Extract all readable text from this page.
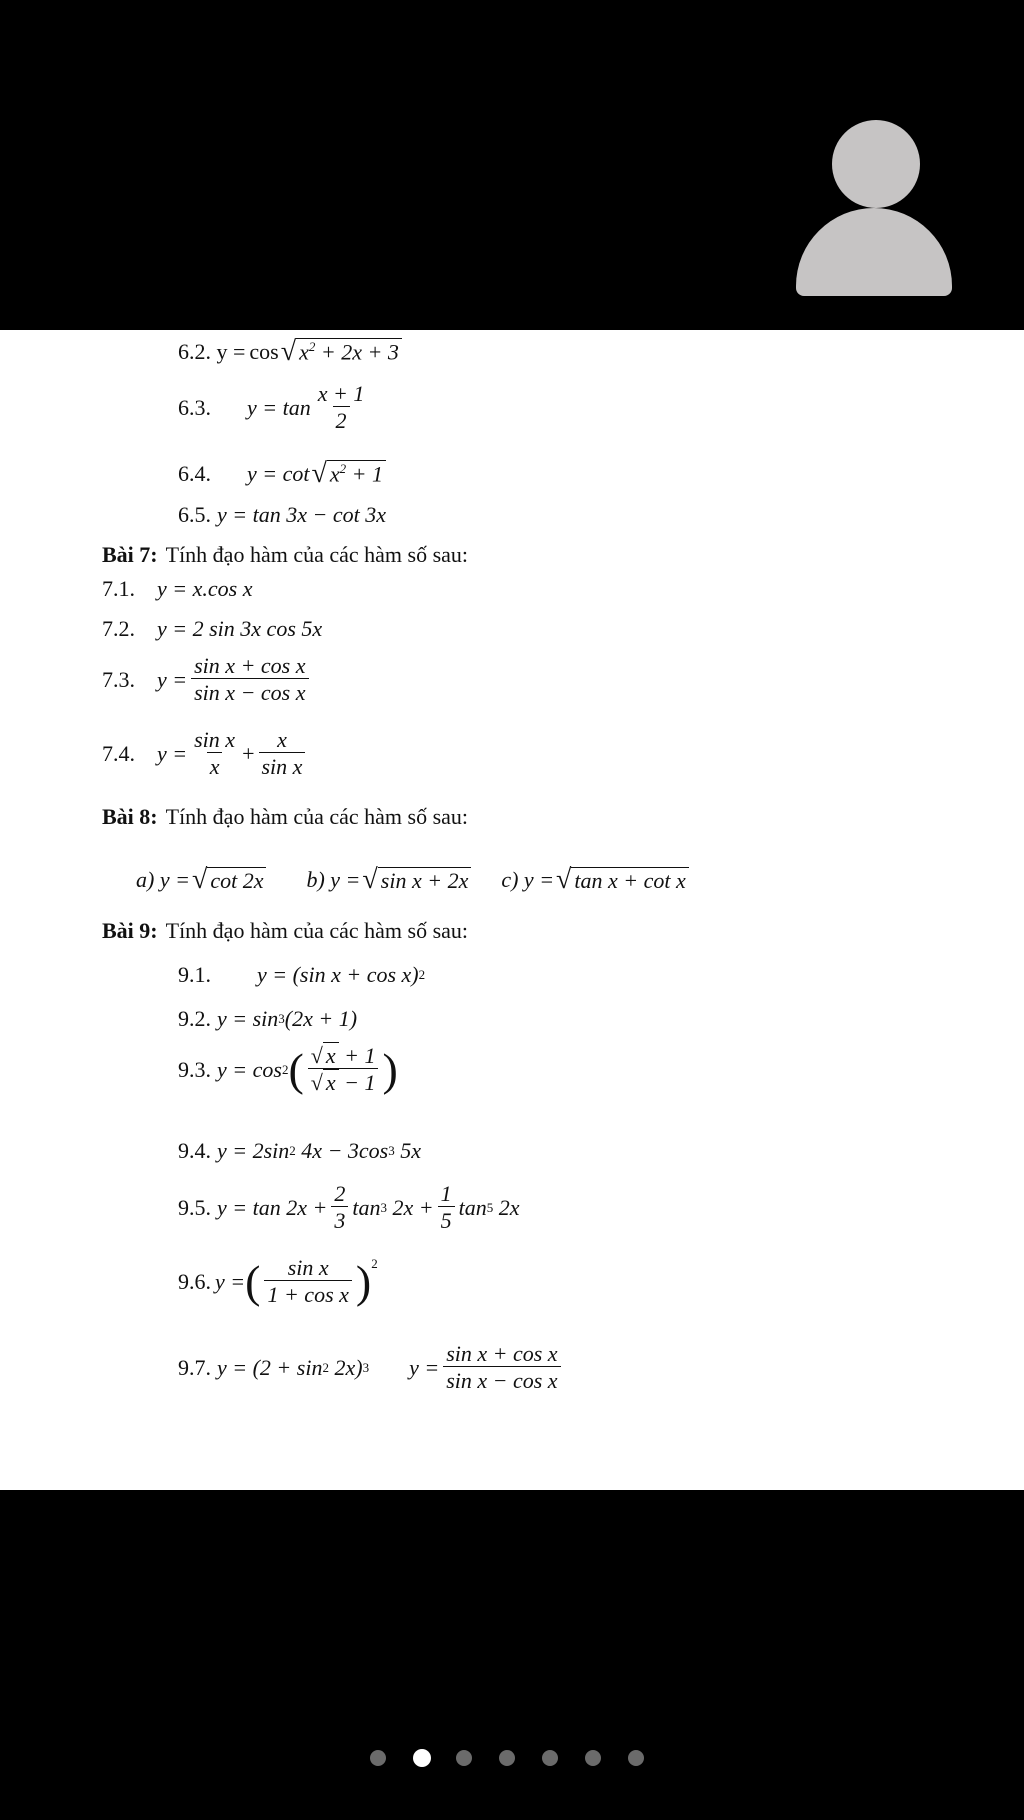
6.2. y = cos √ $x^2 + 2x + 3$
6.3. $y = \tan \frac{x + 1}{2}$
6.4. y = cot √ $x^2 + 1$
6.5. y = tan 3x − cot 3x
Bài 7: Tính đạo hàm của các hàm số sau:
7.1. y = x.cos x
7.2. y = 2 sin 3x cos 5x
7.3. $y = \frac{\text{sin x + cos x}}{\text{sin x − cos x}}$
7.4. $y = \frac{\text{sin x}}{x} + \frac{x}{\text{sin x}}$
Bài 8: Tính đạo hàm của các hàm số sau:
a) y = √ cot 2x b) y = √ sin x + 2x c) y = √ tan x + cot x
Bài 9: Tính đạo hàm của các hàm số sau:
9.1. y = (sin x + cos x) 2
9.2. y = sin 3 (2x + 1)
9.3. y = cos 2 ( $\frac{√ x + 1}{√ x - 1}$ )
9.4. y = 2sin 2 4x − 3cos 3 5x
9.5. $y = \tan 2x + \frac{2}{3}$ tan 3 $2x + \frac{1}{5}$ tan 5 2x
9.6. y = ( $\frac{\text{sin x}}{\text{1 + cos x}} )^2$
9.7. y = (2 + sin 2 2x) 3 $y = \frac{\text{sin x + cos x}}{\text{sin x − cos x}}$
